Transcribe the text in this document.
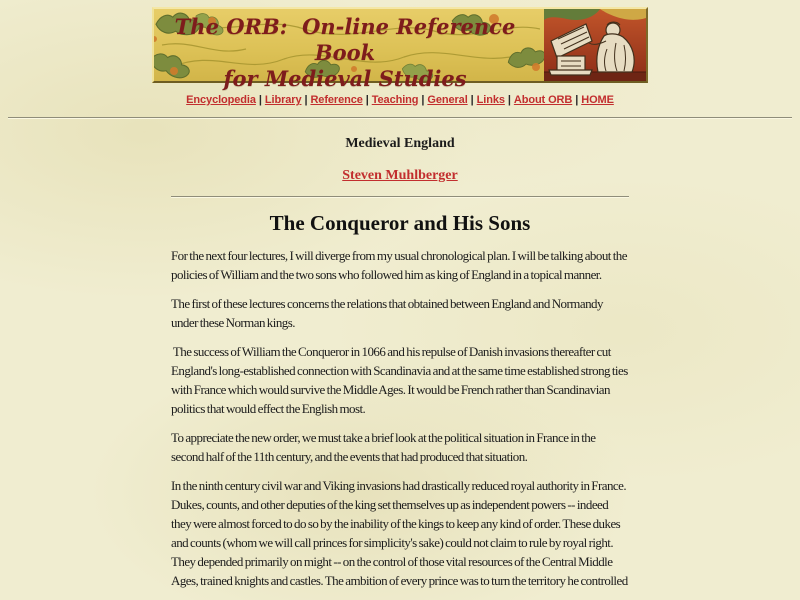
The ORB:  On-line Reference Book
for Medieval Studies
Encyclopedia | Library | Reference | Teaching | General | Links | About ORB | HOME
Medieval England
Steven Muhlberger
The Conqueror and His Sons

For the next four lectures, I will diverge from my usual chronological plan. I will be talking about the policies of William and the two sons who followed him as king of England in a topical manner.

The first of these lectures concerns the relations that obtained between England and Normandy under these Norman kings.

The success of William the Conqueror in 1066 and his repulse of Danish invasions thereafter cut England's long-established connection with Scandinavia and at the same time established strong ties with France which would survive the Middle Ages. It would be French rather than Scandinavian politics that would effect the English most.

To appreciate the new order, we must take a brief look at the political situation in France in the second half of the 11th century, and the events that had produced that situation.

In the ninth century civil war and Viking invasions had drastically reduced royal authority in France.  Dukes, counts, and other deputies of the king set themselves up as independent powers -- indeed they were almost forced to do so by the inability of the kings to keep any kind of order. These dukes and counts (whom we will call princes for simplicity's sake) could not claim to rule by royal right. They depended primarily on might -- on the control of those vital resources of the Central Middle Ages, trained knights and castles. The ambition of every prince was to turn the territory he controlled
